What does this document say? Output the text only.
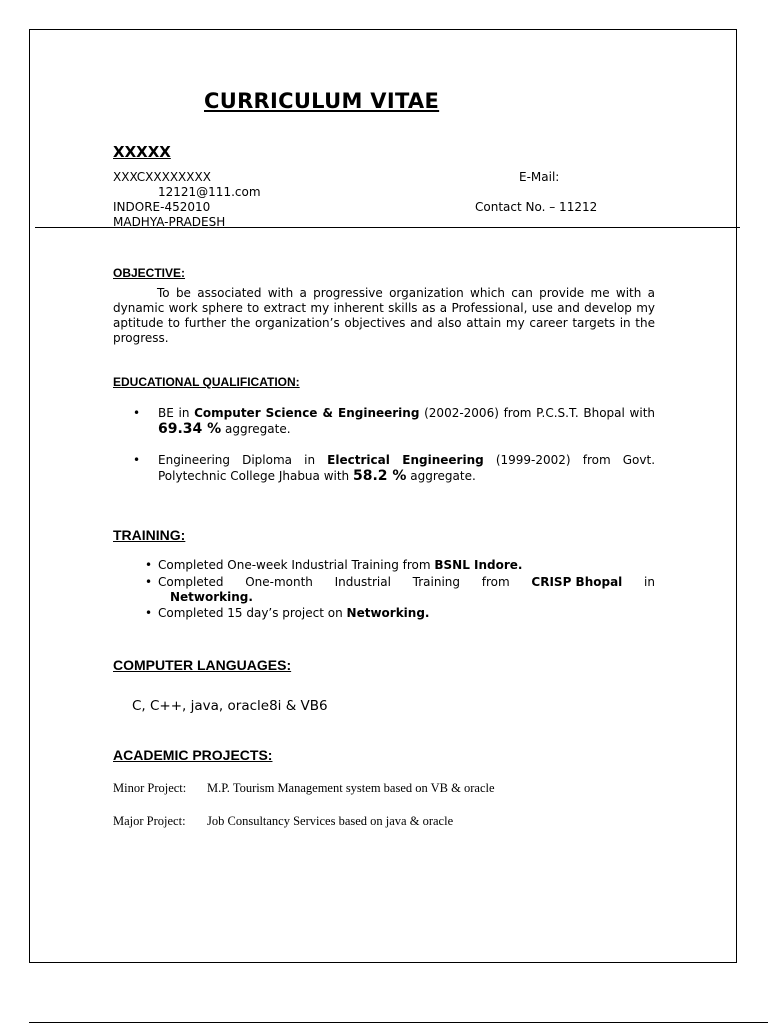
CURRICULUM VITAE
XXXXX
XXXCXXXXXXXX	E-Mail:
12121@111.com
INDORE-452010	Contact No. – 11212
MADHYA-PRADESH
OBJECTIVE:
To be associated with a progressive organization which can provide me with a dynamic work sphere to extract my inherent skills as a Professional, use and develop my aptitude to further the organization’s objectives and also attain my career targets in the progress.
EDUCATIONAL QUALIFICATION:
• BE in Computer Science & Engineering (2002-2006) from P.C.S.T. Bhopal with 69.34 % aggregate.
• Engineering Diploma in Electrical Engineering (1999-2002) from Govt. Polytechnic College Jhabua with 58.2 % aggregate.
TRAINING:
• Completed One-week Industrial Training from BSNL Indore.
• Completed One-month Industrial Training from CRISP Bhopal in
Networking.
• Completed 15 day’s project on Networking.
COMPUTER LANGUAGES:
C, C++, java, oracle8i & VB6
ACADEMIC PROJECTS:
Minor Project: M.P. Tourism Management system based on VB & oracle
Major Project: Job Consultancy Services based on java & oracle
